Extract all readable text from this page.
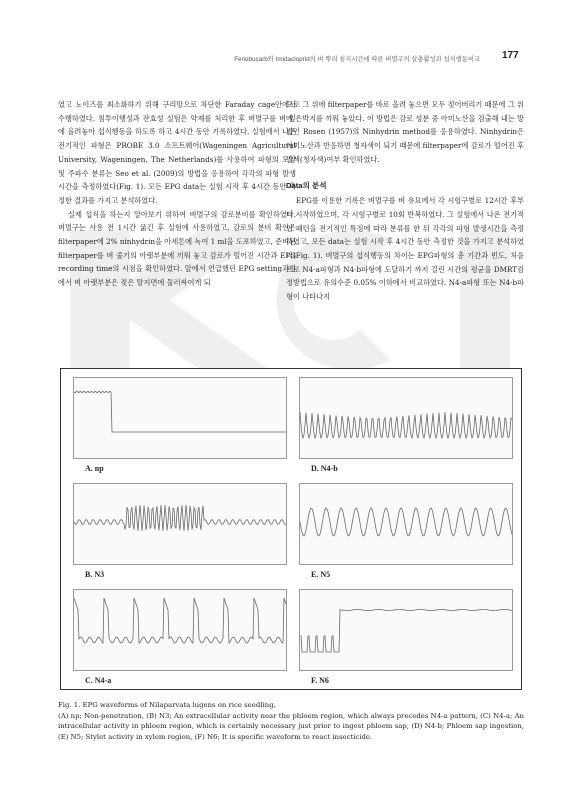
Fenobucarb와 Imidacloprid의 벼 뿌리 침지시간에 따른 벼멸구의 살충활성과 섭식행동비교 177

였고 노이즈를 최소화하기 위해 구리망으로 차단한 Faraday cage안에서 수행하였다. 침투이행성과 잔효성 실험은 약제를 처리한 후 벼멸구를 벼 잎에 올려놓아 섭식행동을 하도록 하고 4시간 동안 기록하였다. 실험에서 나온 전기적인 파형은 PROBE 3.0 소프트웨어(Wageningen Agricultural University, Wageningen, The Netherlands)를 사용하여 파형의 모양 및 주파수 분류는 Seo et al. (2009)의 방법을 응용하여 각각의 파형 발생 시간을 측정하였다(Fig. 1). 모든 EPG data는 실험 시작 후 4시간 동안 측정한 결과를 가지고 분석하였다.

실제 섭식을 하는지 알아보기 위하여 벼멸구의 감로분비를 확인하였다. 벼멸구는 사용 전 1시간 굶긴 후 실험에 사용하였고, 감로의 분비 확인은 filterpaper에 2% ninhydrin을 아세톤에 녹여 1 ml을 도포하였고, 준비된 filterpaper를 벼 줄기의 아랫부분에 끼워 놓고 감로가 떨어진 시간과 EPG recording time의 시점을 확인하였다. 앞에서 언급했던 EPG setting과정에서 벼 아랫부분은 젖은 탈지면에 둘러싸이게 되

므로 그 위에 filterpaper를 바로 올려 놓으면 모두 젖어버리기 때문에 그 위에 은박지를 끼워 놓았다. 이 방법은 감로 성분 중 아미노산을 검출해 내는 방법인 Rosen (1957)의 Ninhydrin method를 응용하였다. Ninhydrin은 아미노산과 반응하면 청자색이 되기 때문에 filterpaper에 감로가 떨어진 후 발색(청자색)여부 확인하였다.

Data의 분석

EPG를 이용한 기록은 벼멸구를 벼 유묘에서 각 시험구별로 12시간 후부터 시작하였으며, 각 시험구별로 10회 반복하였다. 그 실험에서 나온 전기적인 패턴을 전기적인 특징에 따라 분류를 한 뒤 각각의 파형 발생시간을 측정하였고, 모든 data는 실험 시작 후 4시간 동안 측정한 것을 가지고 분석하였다(Fig. 1). 벼멸구의 섭식행동의 차이는 EPG파형의 총 기간과 빈도, 처음으로 N4-a파형과 N4-b파형에 도달하기 까지 걸린 시간의 평균을 DMRT검정방법으로 유의수준 0.05% 이하에서 비교하였다. N4-a파형 또는 N4-b파형이 나타나지

A. np	D. N4-b
B. N3	E. N5
C. N4-a	F. N6

Fig. 1. EPG waveforms of Nilaparvata lugens on rice seedling.

(A) np; Non-penetration, (B) N3; An extracellular activity near the phloem region, which always precedes N4-a pattern, (C) N4-a; An intracellular activity in phloem region, which is certainly necessary just prior to ingest phloem sap, (D) N4-b; Phloem sap ingestion, (E) N5; Stylet activity in xylem region, (F) N6; It is specific waveform to react insecticide.
